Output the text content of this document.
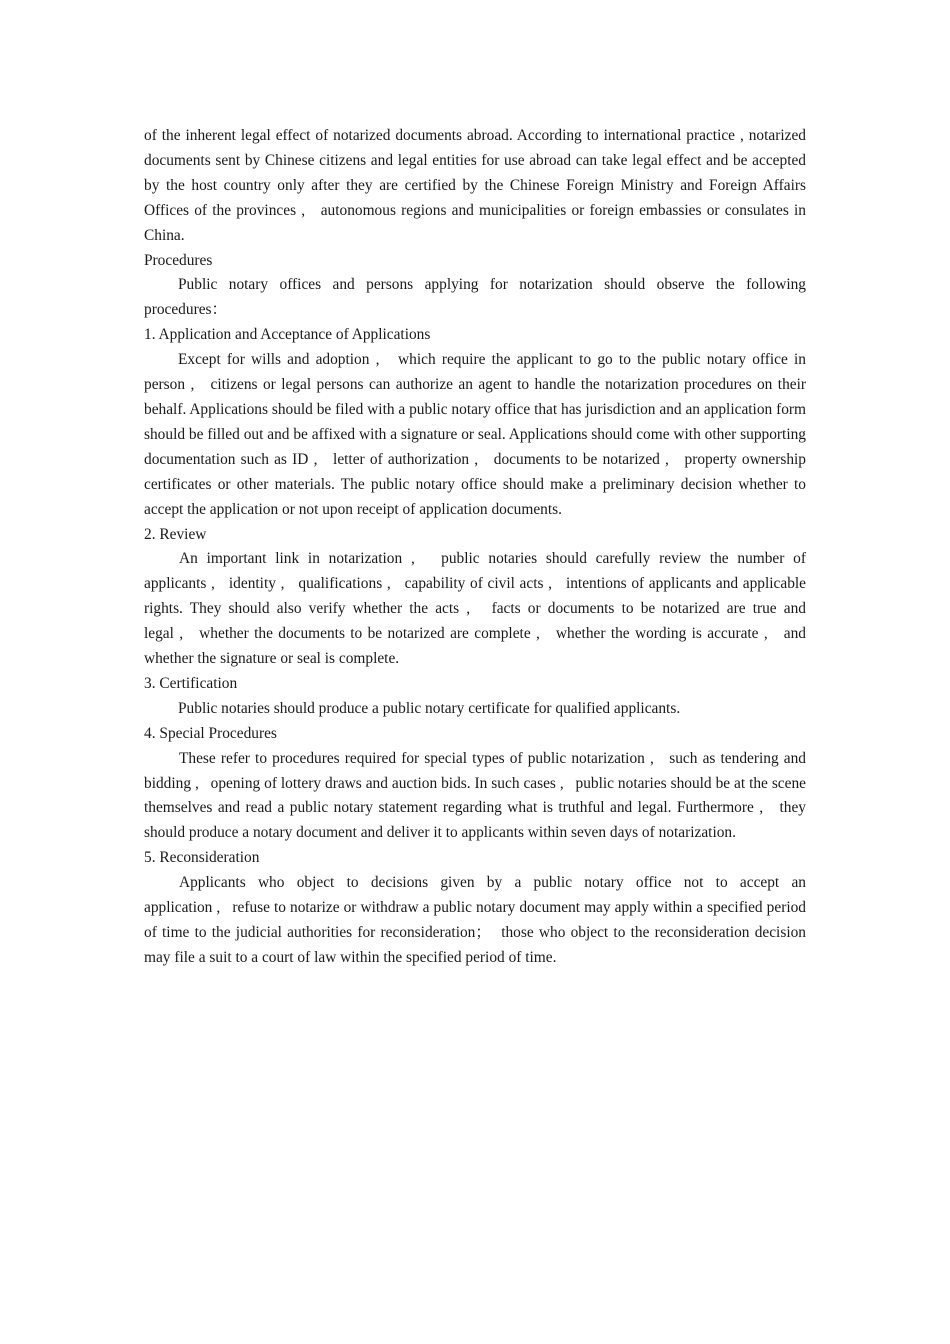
of the inherent legal effect of notarized documents abroad. According to international practice , notarized documents sent by Chinese citizens and legal entities for use abroad can take legal effect and be accepted by the host country only after they are certified by the Chinese Foreign Ministry and Foreign Affairs Offices of the provinces ,   autonomous regions and municipalities or foreign embassies or consulates in China.

Procedures

Public notary offices and persons applying for notarization should observe the following procedures：

1. Application and Acceptance of Applications

Except for wills and adoption ,   which require the applicant to go to the public notary office in person ,   citizens or legal persons can authorize an agent to handle the notarization procedures on their behalf. Applications should be filed with a public notary office that has jurisdiction and an application form should be filled out and be affixed with a signature or seal. Applications should come with other supporting documentation such as ID ,   letter of authorization ,   documents to be notarized ,   property ownership certificates or other materials. The public notary office should make a preliminary decision whether to accept the application or not upon receipt of application documents.

2. Review

An important link in notarization ,   public notaries should carefully review the number of applicants ,   identity ,   qualifications ,   capability of civil acts ,   intentions of applicants and applicable rights. They should also verify whether the acts ,   facts or documents to be notarized are true and legal ,   whether the documents to be notarized are complete ,   whether the wording is accurate ,   and whether the signature or seal is complete.

3. Certification

Public notaries should produce a public notary certificate for qualified applicants.

4. Special Procedures

These refer to procedures required for special types of public notarization ,   such as tendering and bidding ,   opening of lottery draws and auction bids. In such cases ,   public notaries should be at the scene themselves and read a public notary statement regarding what is truthful and legal. Furthermore ,   they should produce a notary document and deliver it to applicants within seven days of notarization.

5. Reconsideration

Applicants who object to decisions given by a public notary office not to accept an application ,   refuse to notarize or withdraw a public notary document may apply within a specified period of time to the judicial authorities for reconsideration；  those who object to the reconsideration decision may file a suit to a court of law within the specified period of time.
